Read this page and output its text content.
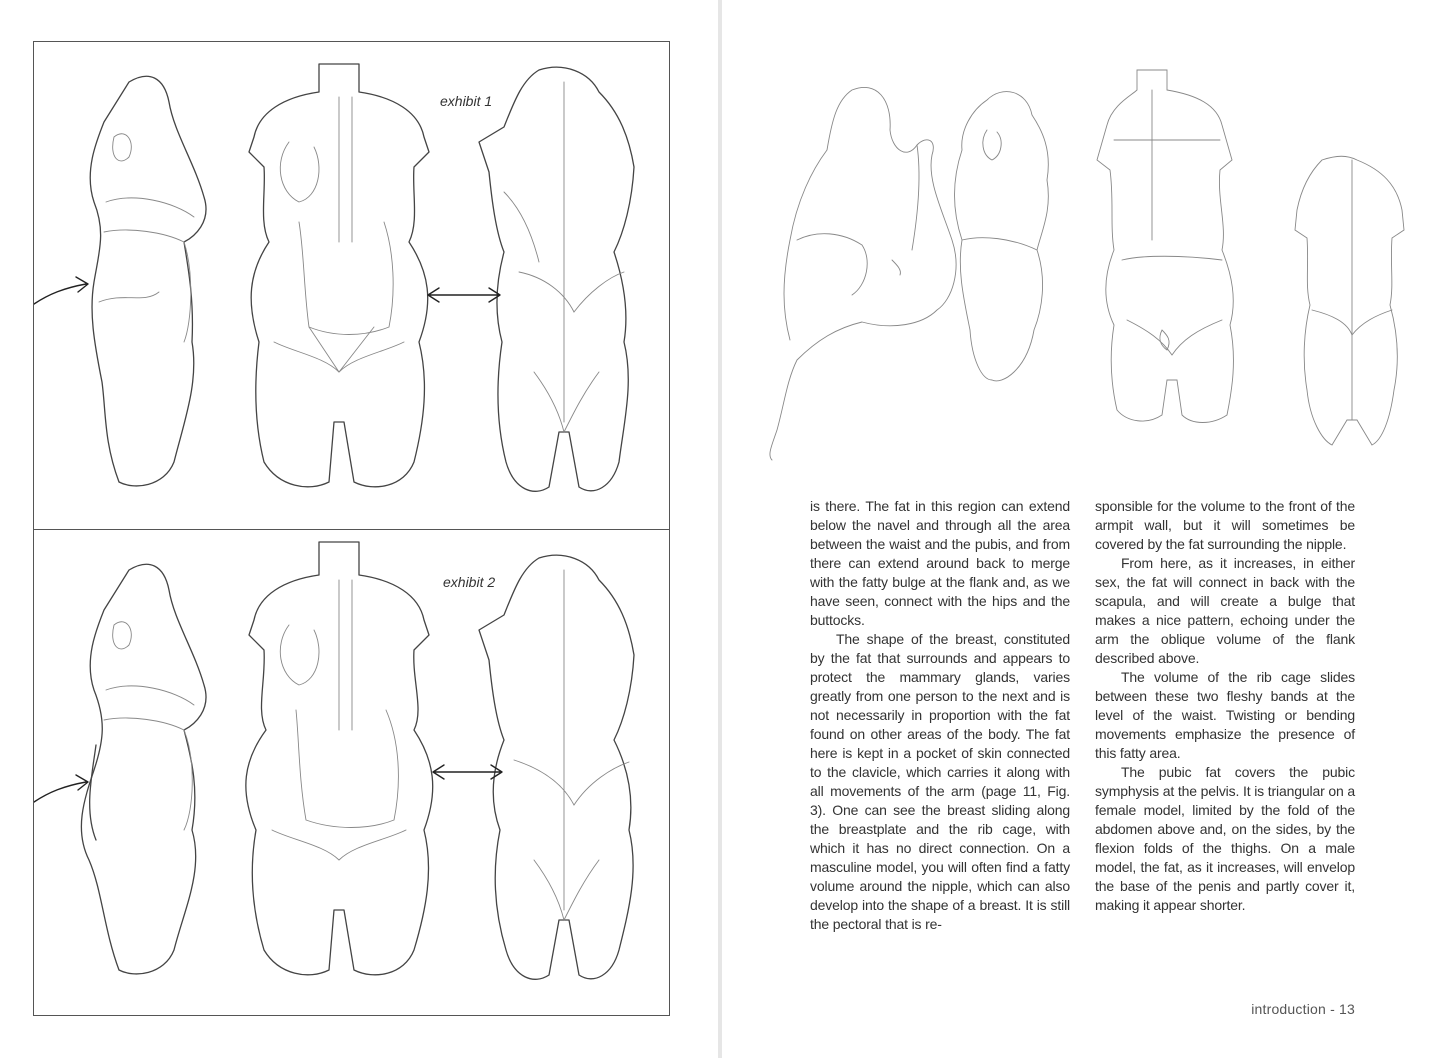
exhibit 1
exhibit 2

is there. The fat in this region can extend below the navel and through all the area between the waist and the pubis, and from there can extend around back to merge with the fatty bulge at the flank and, as we have seen, connect with the hips and the buttocks.

The shape of the breast, constituted by the fat that surrounds and appears to protect the mammary glands, varies greatly from one person to the next and is not necessarily in proportion with the fat found on other areas of the body. The fat here is kept in a pocket of skin connected to the clavicle, which carries it along with all movements of the arm (page 11, Fig. 3). One can see the breast sliding along the breastplate and the rib cage, with which it has no direct connection. On a masculine model, you will often find a fatty volume around the nipple, which can also develop into the shape of a breast. It is still the pectoral that is re-

sponsible for the volume to the front of the armpit wall, but it will sometimes be covered by the fat surrounding the nipple.

From here, as it increases, in either sex, the fat will connect in back with the scapula, and will create a bulge that makes a nice pattern, echoing under the arm the oblique volume of the flank described above.

The volume of the rib cage slides between these two fleshy bands at the level of the waist. Twisting or bending movements emphasize the presence of this fatty area.

The pubic fat covers the pubic symphysis at the pelvis. It is triangular on a female model, limited by the fold of the abdomen above and, on the sides, by the flexion folds of the thighs. On a male model, the fat, as it increases, will envelop the base of the penis and partly cover it, making it appear shorter.

introduction - 13
